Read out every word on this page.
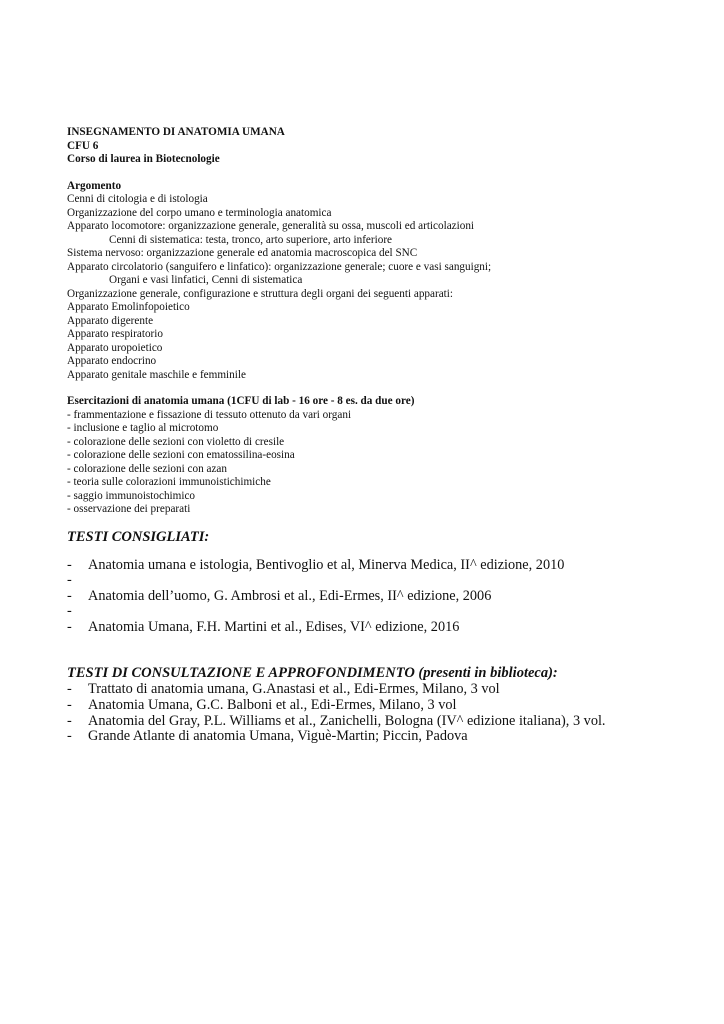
INSEGNAMENTO DI ANATOMIA UMANA
CFU 6
Corso di laurea in Biotecnologie
Argomento
Cenni di citologia e di istologia
Organizzazione del corpo umano e terminologia anatomica
Apparato locomotore: organizzazione generale, generalità su ossa, muscoli ed articolazioni
Cenni di sistematica: testa, tronco, arto superiore, arto inferiore
Sistema nervoso: organizzazione generale ed anatomia macroscopica del SNC
Apparato circolatorio (sanguifero e linfatico): organizzazione generale; cuore e vasi sanguigni;
Organi e vasi linfatici, Cenni di sistematica
Organizzazione generale, configurazione e struttura degli organi dei seguenti apparati:
Apparato Emolinfopoietico
Apparato digerente
Apparato respiratorio
Apparato uropoietico
Apparato endocrino
Apparato genitale maschile e femminile
Esercitazioni di anatomia umana (1CFU di lab - 16 ore - 8 es. da due ore)
- frammentazione e fissazione di tessuto ottenuto da vari organi
- inclusione e taglio al microtomo
- colorazione delle sezioni con violetto di cresile
- colorazione delle sezioni con ematossilina-eosina
- colorazione delle sezioni con azan
- teoria sulle colorazioni immunoistichimiche
- saggio immunoistochimico
- osservazione dei preparati
TESTI CONSIGLIATI:
-	Anatomia umana e istologia, Bentivoglio et al, Minerva Medica, II^ edizione, 2010
-
-	Anatomia dell’uomo, G. Ambrosi et al., Edi-Ermes, II^ edizione, 2006
-
-	Anatomia Umana, F.H. Martini et al., Edises, VI^ edizione, 2016
TESTI DI CONSULTAZIONE E APPROFONDIMENTO (presenti in biblioteca):
-	Trattato di anatomia umana, G.Anastasi et al., Edi-Ermes, Milano, 3 vol
-	Anatomia Umana, G.C. Balboni et al., Edi-Ermes, Milano, 3 vol
-	Anatomia del Gray, P.L. Williams et al., Zanichelli, Bologna (IV^ edizione italiana), 3 vol.
-	Grande Atlante di anatomia Umana, Viguè-Martin; Piccin, Padova
